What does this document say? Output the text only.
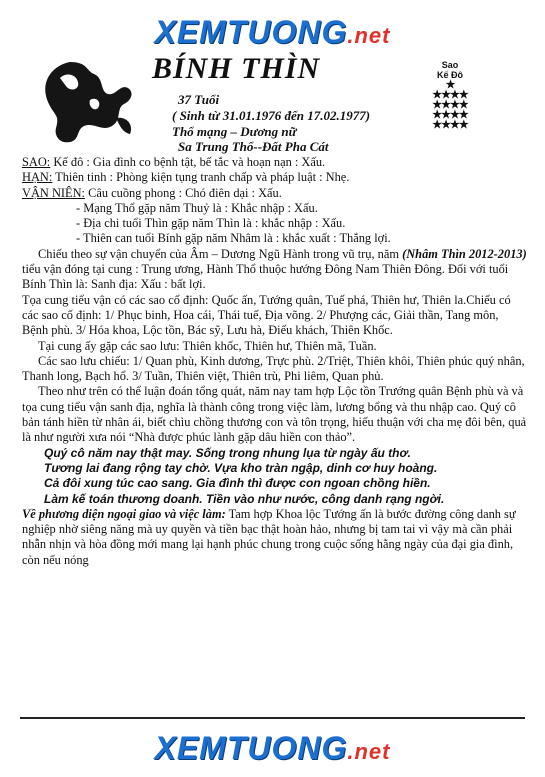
XEMTUONG.net
BÍNH THÌN
37 Tuổi
( Sinh từ 31.01.1976 đến 17.02.1977)
Thổ mạng – Dương nữ
Sa Trung Thổ--Đất Pha Cát
Sao
Kế Đô
★
★★★★
★★★★
★★★★
★★★★

SAO: Kế đô : Gia đình co bệnh tật, bế tắc và hoạn nạn : Xấu.

HẠN: Thiên tinh : Phòng kiện tụng tranh chấp và pháp luật : Nhẹ.

VẬN NIÊN: Câu cuồng phong : Chó điên dại : Xấu.

- Mạng Thổ gặp năm Thuỷ là : Khắc nhập : Xấu.

- Địa chi tuổi Thìn gặp năm Thìn là : khắc nhập : Xấu.

- Thiên can tuổi Bính gặp năm Nhâm là : khắc xuất : Thắng lợi.

Chiếu theo sự vận chuyển của Âm – Dương Ngũ Hành trong vũ trụ, năm (Nhâm Thìn 2012-2013) tiểu vận đóng tại cung : Trung ương, Hành Thổ thuộc hướng Đông Nam Thiên Đông. Đối với tuổi Bính Thìn là: Sanh địa: Xấu : bất lợi.

Tọa cung tiểu vận có các sao cố định: Quốc ấn, Tướng quân, Tuế phá, Thiên hư, Thiên la.Chiếu có các sao cố định: 1/ Phục binh, Hoa cái, Thái tuế, Địa võng. 2/ Phượng các, Giải thần, Tang môn, Bệnh phù. 3/ Hóa khoa, Lộc tồn, Bác sỹ, Lưu hà, Điếu khách, Thiên Khốc.

Tại cung ấy gặp các sao lưu: Thiên khốc, Thiên hư, Thiên mã, Tuần.

Các sao lưu chiếu: 1/ Quan phù, Kinh dương, Trực phù. 2/Triệt, Thiên khôi, Thiên phúc quý nhân, Thanh long, Bạch hổ. 3/ Tuần, Thiên việt, Thiên trù, Phi liêm, Quan phủ.

Theo như trên có thể luận đoán tổng quát, năm nay tam hợp Lộc tồn Trướng quân Bệnh phù và và tọa cung tiểu vận sanh địa, nghĩa là thành công trong việc làm, lương bổng và thu nhập cao. Quý cô bản tánh hiền từ nhân ái, biết chìu chồng thương con và tôn trọng, hiếu thuận với cha mẹ đôi bên, quả là như người xưa nói “Nhà được phúc lành gặp dâu hiền con thảo”.

Quý cô năm nay thật may. Sống trong nhung lụa từ ngày ấu thơ.

Tương lai đang rộng tay chờ. Vựa kho tràn ngập, dinh cơ huy hoàng.

Cả đôi xung túc cao sang. Gia đình thì được con ngoan chồng hiền.

Làm kế toán thương doanh. Tiền vào như nước, công danh rạng ngời.

Về phương diện ngoại giao và việc làm: Tam hợp Khoa lộc Tướng ấn là bước đường công danh sự nghiệp nhờ siêng năng mà uy quyền và tiền bạc thật hoàn hảo, nhưng bị tam tai vì vậy mà cần phải nhẫn nhịn và hòa đồng mới mang lại hạnh phúc chung trong cuộc sống hằng ngày của đại gia đình, còn nếu nóng

XEMTUONG.net
